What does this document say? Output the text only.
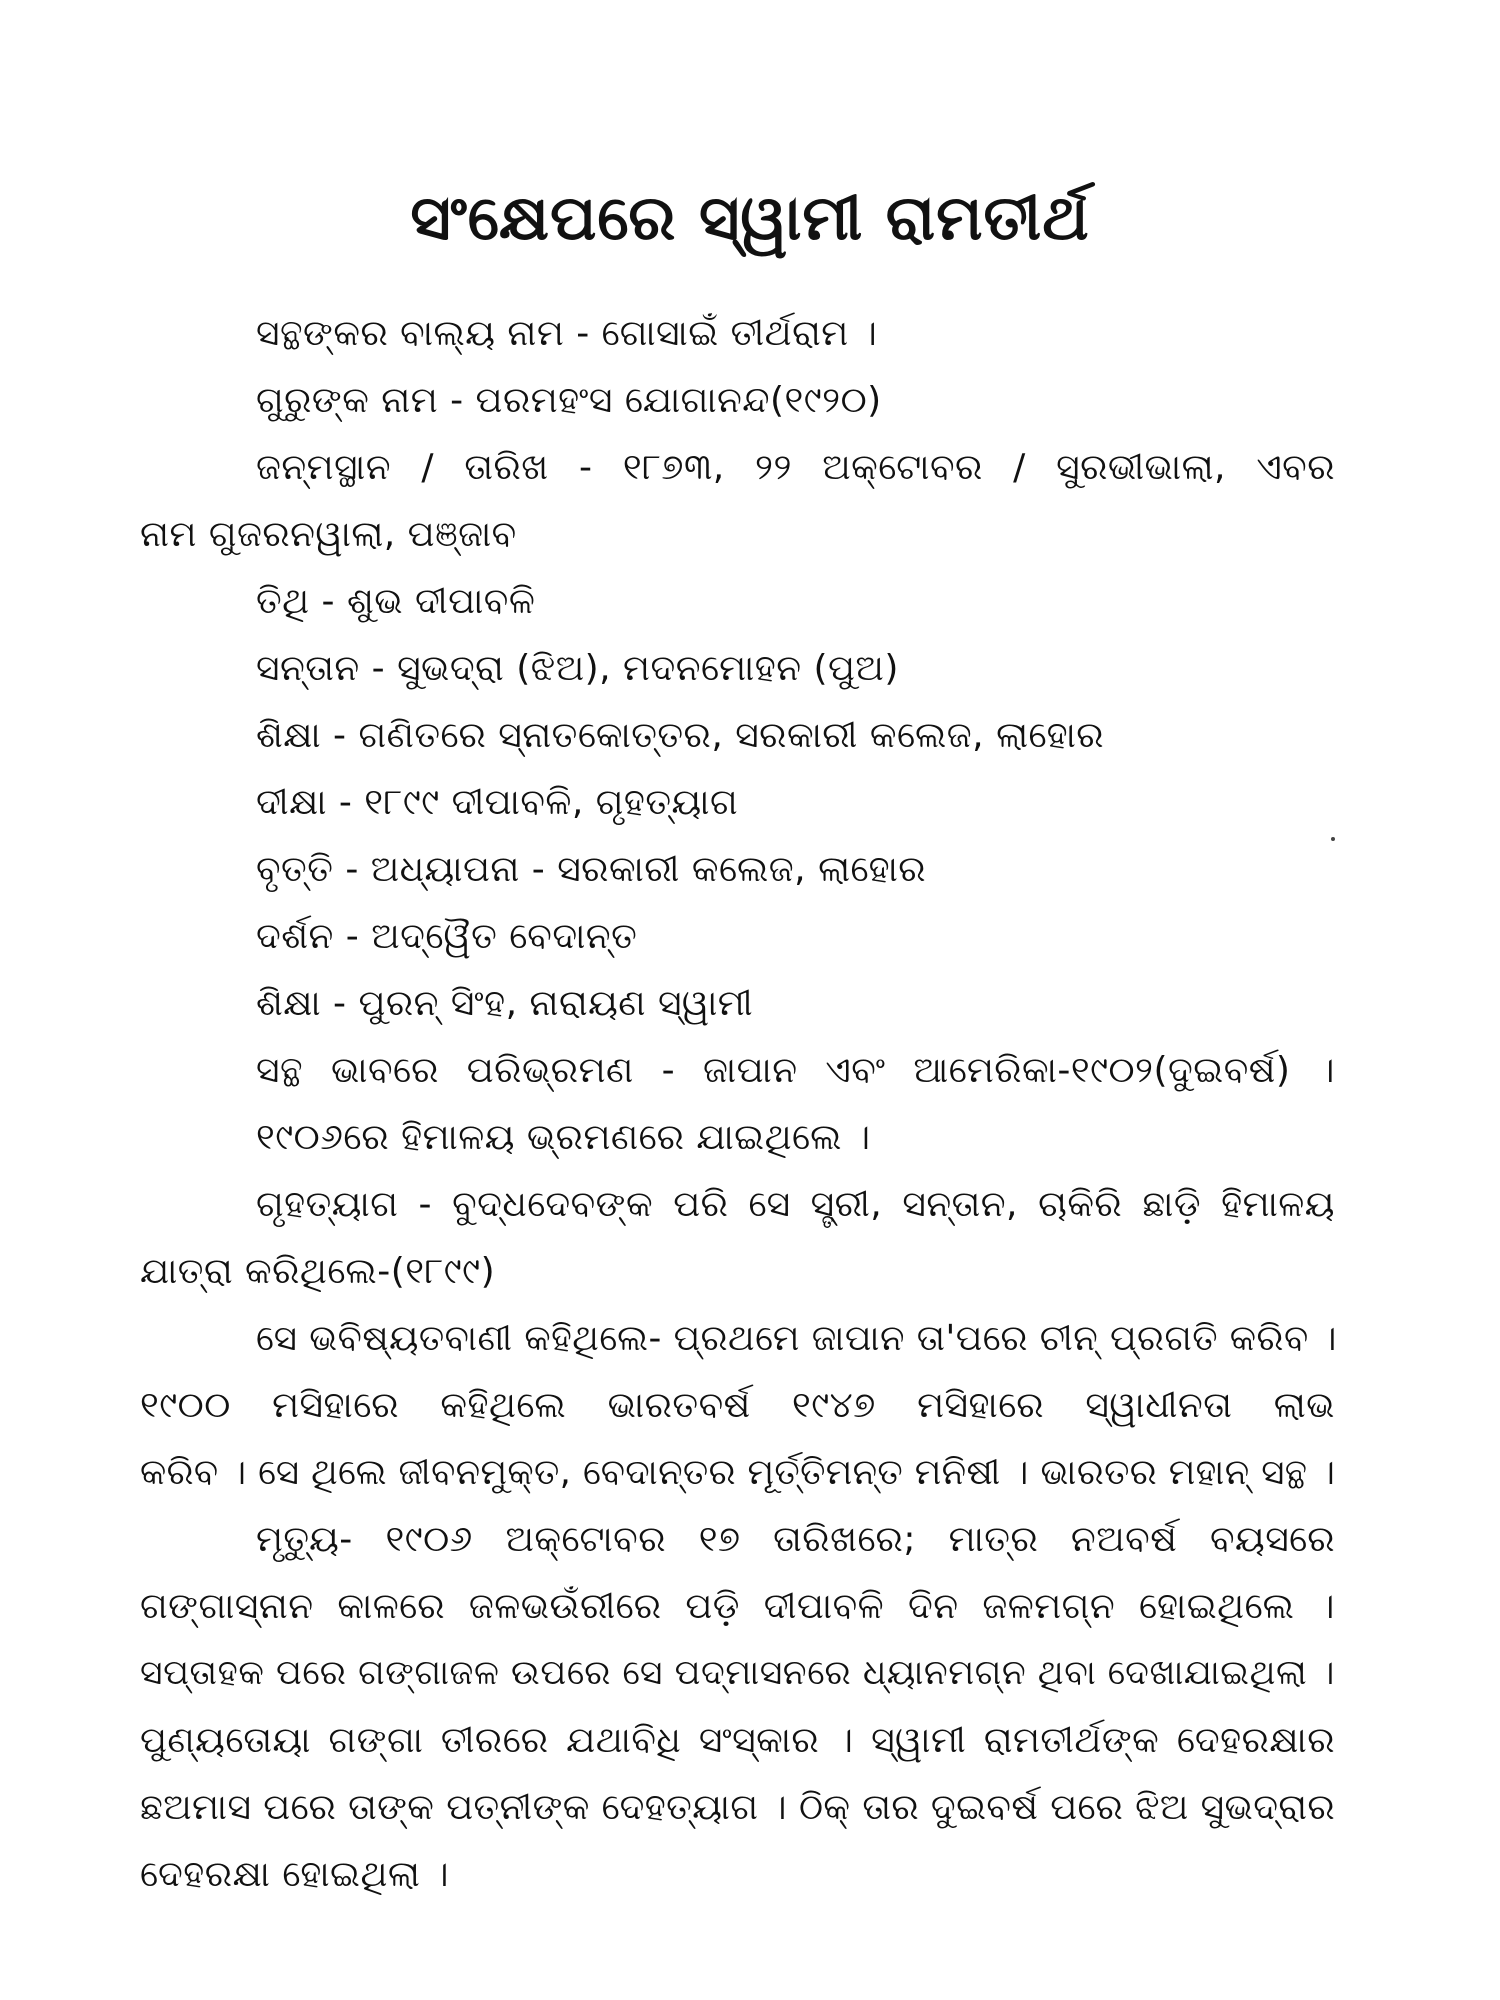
ସଂକ୍ଷେପରେ ସ୍ୱାମୀ ରାମତୀର୍ଥ

ସନ୍ଥଙ୍କର ବାଲ୍ୟ ନାମ - ଗୋସାଇଁ ତୀର୍ଥରାମ ।

ଗୁରୁଙ୍କ ନାମ - ପରମହଂସ ଯୋଗାନନ୍ଦ(୧୯୨୦)

ଜନ୍ମସ୍ଥାନ / ତାରିଖ - ୧୮୭୩, ୨୨ ଅକ୍ଟୋବର / ସୁରଭୀଭାଲା, ଏବର

ନାମ ଗୁଜରନୱାଲା, ପଞ୍ଜାବ

ତିଥି - ଶୁଭ ଦୀପାବଳି

ସନ୍ତାନ - ସୁଭଦ୍ରା (ଝିଅ), ମଦନମୋହନ (ପୁଅ)

ଶିକ୍ଷା - ଗଣିତରେ ସ୍ନାତକୋତ୍ତର, ସରକାରୀ କଲେଜ, ଲାହୋର

ଦୀକ୍ଷା - ୧୮୯୯ ଦୀପାବଳି, ଗୃହତ୍ୟାଗ

ବୃତ୍ତି - ଅଧ୍ୟାପନା - ସରକାରୀ କଲେଜ, ଲାହୋର

ଦର୍ଶନ - ଅଦ୍ୱୈତ ବେଦାନ୍ତ

ଶିକ୍ଷା - ପୁରନ୍ ସିଂହ, ନାରାୟଣ ସ୍ୱାମୀ

ସନ୍ଥ ଭାବରେ ପରିଭ୍ରମଣ - ଜାପାନ ଏବଂ ଆମେରିକା-୧୯୦୨(ଦୁଇବର୍ଷ) ।

୧୯୦୬ରେ ହିମାଳୟ ଭ୍ରମଣରେ ଯାଇଥିଲେ ।

ଗୃହତ୍ୟାଗ - ବୁଦ୍ଧଦେବଙ୍କ ପରି ସେ ସ୍ତ୍ରୀ, ସନ୍ତାନ, ଚାକିରି ଛାଡ଼ି ହିମାଳୟ

ଯାତ୍ରା କରିଥିଲେ-(୧୮୯୯)

ସେ ଭବିଷ୍ୟତବାଣୀ କହିଥିଲେ- ପ୍ରଥମେ ଜାପାନ ତା'ପରେ ଚୀନ୍ ପ୍ରଗତି କରିବ ।

୧୯୦୦ ମସିହାରେ କହିଥିଲେ ଭାରତବର୍ଷ ୧୯୪୭ ମସିହାରେ ସ୍ୱାଧୀନତା ଲାଭ

କରିବ । ସେ ଥିଲେ ଜୀବନମୁକ୍ତ, ବେଦାନ୍ତର ମୂର୍ତ୍ତିମନ୍ତ ମନିଷୀ । ଭାରତର ମହାନ୍ ସନ୍ଥ ।

ମୃତ୍ୟୁ- ୧୯୦୬ ଅକ୍ଟୋବର ୧୭ ତାରିଖରେ; ମାତ୍ର ନଅବର୍ଷ ବୟସରେ

ଗଙ୍ଗାସ୍ନାନ କାଳରେ ଜଳଭଉଁରୀରେ ପଡ଼ି ଦୀପାବଳି ଦିନ ଜଳମଗ୍ନ ହୋଇଥିଲେ ।

ସପ୍ତାହକ ପରେ ଗଙ୍ଗାଜଳ ଉପରେ ସେ ପଦ୍ମାସନରେ ଧ୍ୟାନମଗ୍ନ ଥିବା ଦେଖାଯାଇଥିଲା ।

ପୁଣ୍ୟତୋୟା ଗଙ୍ଗା ତୀରରେ ଯଥାବିଧି ସଂସ୍କାର । ସ୍ୱାମୀ ରାମତୀର୍ଥଙ୍କ ଦେହରକ୍ଷାର

ଛଅମାସ ପରେ ତାଙ୍କ ପତ୍ନୀଙ୍କ ଦେହତ୍ୟାଗ । ଠିକ୍ ତାର ଦୁଇବର୍ଷ ପରେ ଝିଅ ସୁଭଦ୍ରାର

ଦେହରକ୍ଷା ହୋଇଥିଲା ।
